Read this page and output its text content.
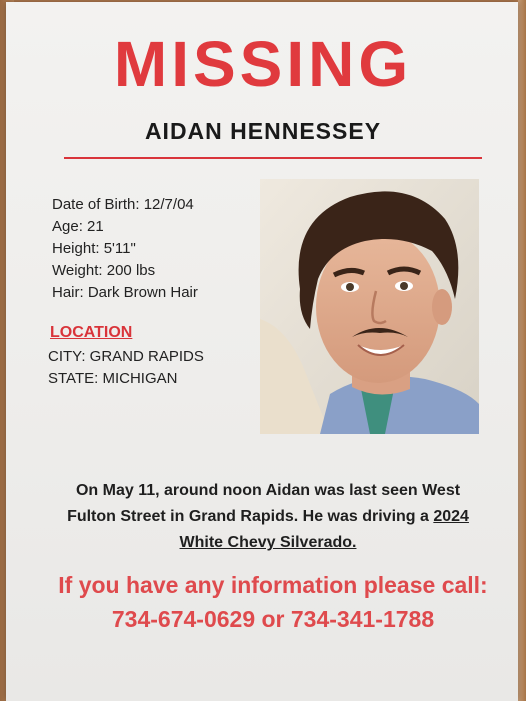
MISSING
AIDAN HENNESSEY
Date of Birth: 12/7/04
Age: 21
Height: 5'11"
Weight: 200 lbs
Hair: Dark Brown Hair
LOCATION
CITY: GRAND RAPIDS
STATE: MICHIGAN
On May 11, around noon Aidan was last seen West
Fulton Street in Grand Rapids. He was driving a 2024
White Chevy Silverado.
If you have any information please call:
734-674-0629 or 734-341-1788
